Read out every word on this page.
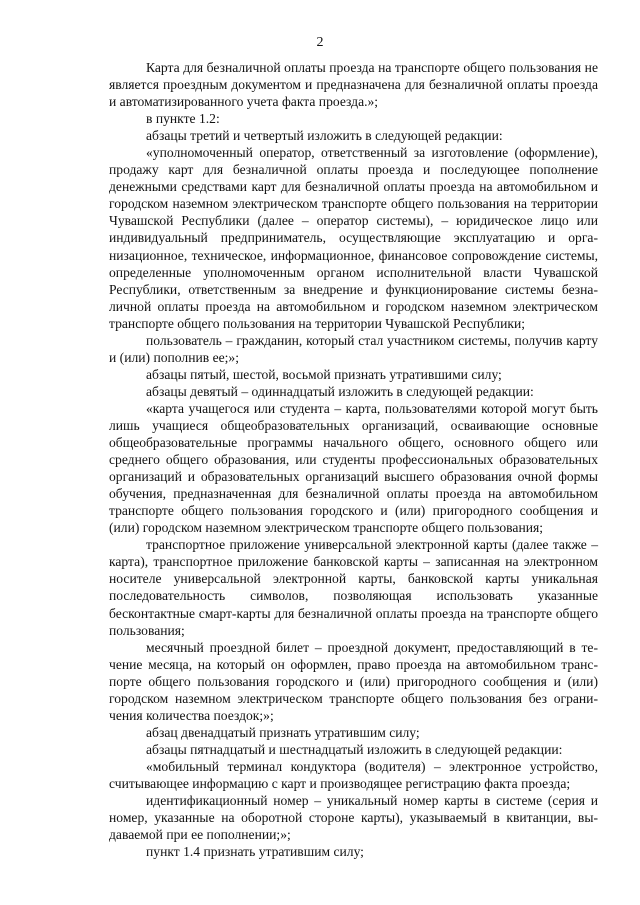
2

Карта для безналичной оплаты проезда на транспорте общего пользования не является проездным документом и предназначена для безналичной оплаты проезда и автоматизированного учета факта проезда.»;

в пункте 1.2:

абзацы третий и четвертый изложить в следующей редакции:

«уполномоченный оператор, ответственный за изготовление (оформление), продажу карт для безналичной оплаты проезда и последующее пополнение денежными средствами карт для безналичной оплаты проезда на автомобильном и городском наземном электрическом транспорте общего пользования на территории Чувашской Республики (далее – оператор системы), – юридическое лицо или индивидуальный предприниматель, осуществляющие эксплуатацию и организационное, техническое, информационное, финансовое сопровождение системы, определенные уполномоченным органом исполнительной власти Чувашской Республики, ответственным за внедрение и функционирование системы безналичной оплаты проезда на автомобильном и городском наземном электрическом транспорте общего пользования на территории Чувашской Республики;

пользователь – гражданин, который стал участником системы, получив карту и (или) пополнив ее;»;

абзацы пятый, шестой, восьмой признать утратившими силу;

абзацы девятый – одиннадцатый изложить в следующей редакции:

«карта учащегося или студента – карта, пользователями которой могут быть лишь учащиеся общеобразовательных организаций, осваивающие основные общеобразовательные программы начального общего, основного общего или среднего общего образования, или студенты профессиональных образовательных организаций и образовательных организаций высшего образования очной формы обучения, предназначенная для безналичной оплаты проезда на автомобильном транспорте общего пользования городского и (или) пригородного сообщения и (или) городском наземном электрическом транспорте общего пользования;

транспортное приложение универсальной электронной карты (далее также – карта), транспортное приложение банковской карты – записанная на электронном носителе универсальной электронной карты, банковской карты уникальная последовательность символов, позволяющая использовать указанные бесконтактные смарт-карты для безналичной оплаты проезда на транспорте общего пользования;

месячный проездной билет – проездной документ, предоставляющий в течение месяца, на который он оформлен, право проезда на автомобильном транспорте общего пользования городского и (или) пригородного сообщения и (или) городском наземном электрическом транспорте общего пользования без ограничения количества поездок;»;

абзац двенадцатый признать утратившим силу;

абзацы пятнадцатый и шестнадцатый изложить в следующей редакции:

«мобильный терминал кондуктора (водителя) – электронное устройство, считывающее информацию с карт и производящее регистрацию факта проезда;

идентификационный номер – уникальный номер карты в системе (серия и номер, указанные на оборотной стороне карты), указываемый в квитанции, выдаваемой при ее пополнении;»;

пункт 1.4 признать утратившим силу;
